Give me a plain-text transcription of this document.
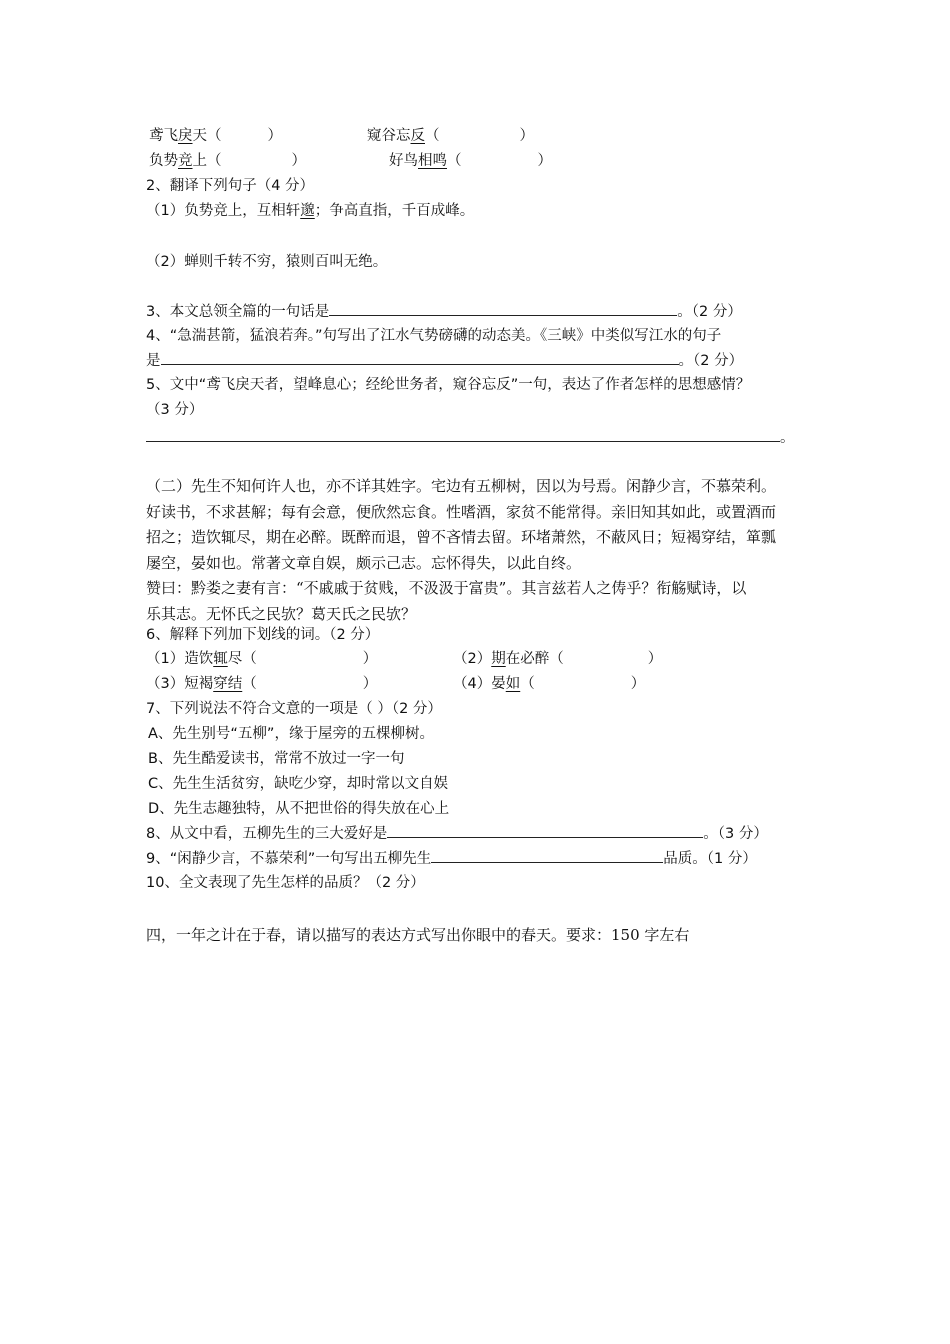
鸢飞戾天（	）	窥谷忘反（	）
负势竞上（	）	好鸟相鸣（	）
2、翻译下列句子（4 分）
（1）负势竞上，互相轩邈；争高直指，千百成峰。
（2）蝉则千转不穷，猿则百叫无绝。
3、本文总领全篇的一句话是	。（2 分）
4、“急湍甚箭，猛浪若奔。”句写出了江水气势磅礴的动态美。《三峡》中类似写江水的句子
是	。（2 分）
5、文中“鸢飞戾天者，望峰息心；经纶世务者，窥谷忘反”一句，表达了作者怎样的思想感情？
（3 分）
。
（二）先生不知何许人也，亦不详其姓字。宅边有五柳树，因以为号焉。闲静少言，不慕荣利。
好读书，不求甚解；每有会意，便欣然忘食。性嗜酒，家贫不能常得。亲旧知其如此，或置酒而
招之；造饮辄尽，期在必醉。既醉而退，曾不吝情去留。环堵萧然，不蔽风日；短褐穿结，箪瓢
屡空，晏如也。常著文章自娱，颇示己志。忘怀得失，以此自终。
赞曰：黔娄之妻有言：“不戚戚于贫贱，不汲汲于富贵”。其言兹若人之俦乎？衔觞赋诗，以
乐其志。无怀氏之民欤？葛天氏之民欤？
6、解释下列加下划线的词。（2 分）
（1）造饮辄尽（	）	（2）期在必醉（	）
（3）短褐穿结（	）	（4）晏如（	）
7、下列说法不符合文意的一项是（ ）（2 分）
A、先生别号“五柳”，缘于屋旁的五棵柳树。
B、先生酷爱读书，常常不放过一字一句
C、先生生活贫穷，缺吃少穿，却时常以文自娱
D、先生志趣独特，从不把世俗的得失放在心上
8、从文中看，五柳先生的三大爱好是	。（3 分）
9、“闲静少言，不慕荣利”一句写出五柳先生	品质。（1 分）
10、全文表现了先生怎样的品质？（2 分）
四，一年之计在于春，请以描写的表达方式写出你眼中的春天。要求：150 字左右
